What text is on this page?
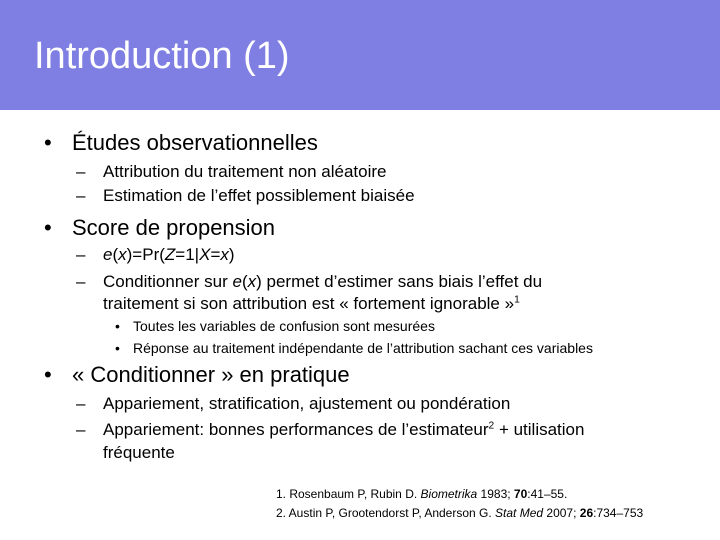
Introduction (1)
• Études observationnelles
– Attribution du traitement non aléatoire
– Estimation de l’effet possiblement biaisée
• Score de propension
– e(x)=Pr(Z=1|X=x)
– Conditionner sur e(x) permet d’estimer sans biais l’effet du
traitement si son attribution est « fortement ignorable »$^1$
• Toutes les variables de confusion sont mesurées
• Réponse au traitement indépendante de l’attribution sachant ces variables
• « Conditionner » en pratique
– Appariement, stratification, ajustement ou pondération
– Appariement: bonnes performances de l’estimateur$^2$ + utilisation
fréquente
1. Rosenbaum P, Rubin D. Biometrika 1983; 70:41–55.
2. Austin P, Grootendorst P, Anderson G. Stat Med 2007; 26:734–753
